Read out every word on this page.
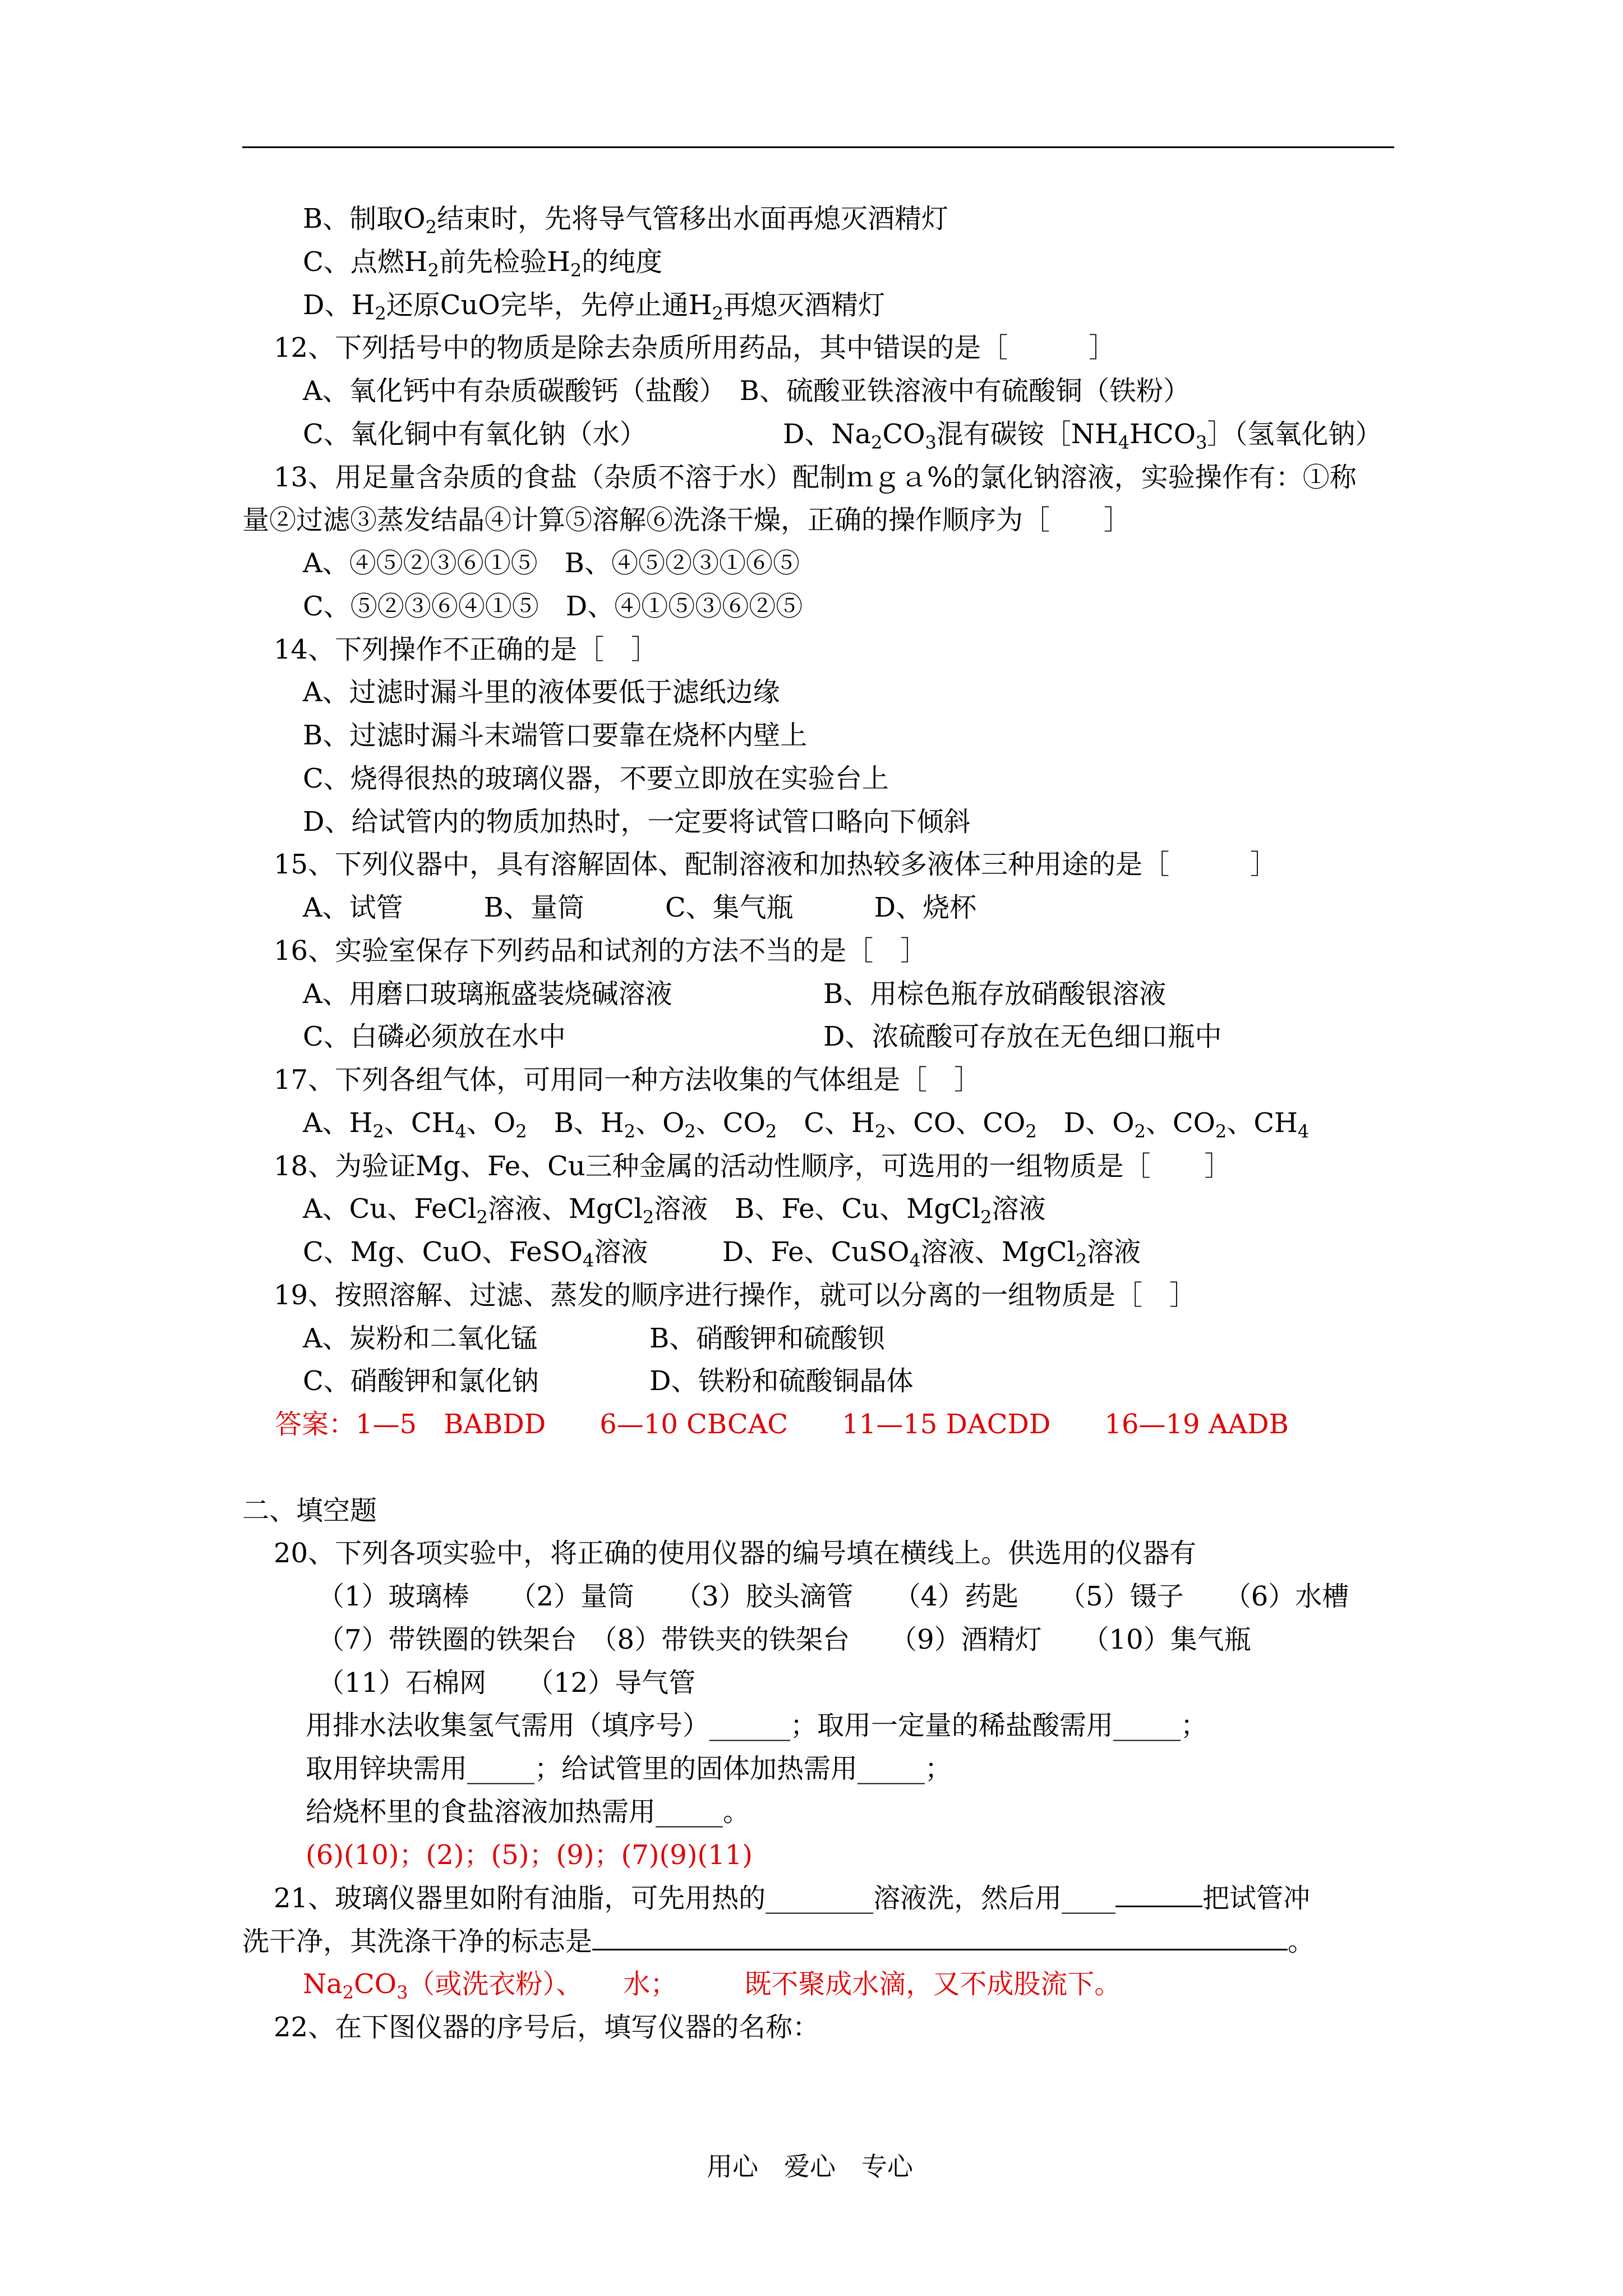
B、制取$O_2$结束时，先将导气管移出水面再熄灭酒精灯
C、点燃$H_2$前先检验$H_2$的纯度
D、$H_2$还原CuO完毕，先停止通$H_2$再熄灭酒精灯
12、下列括号中的物质是除去杂质所用药品，其中错误的是［　　　］
A、氧化钙中有杂质碳酸钙（盐酸）　B、硫酸亚铁溶液中有硫酸铜（铁粉）
C、氧化铜中有氧化钠（水）	D、$Na_2CO_3$混有碳铵$[NH_4HCO_3]$（氢氧化钠）
13、用足量含杂质的食盐（杂质不溶于水）配制ｍｇａ%的氯化钠溶液，实验操作有：①称
量②过滤③蒸发结晶④计算⑤溶解⑥洗涤干燥，正确的操作顺序为［　　］
A、④⑤②③⑥①⑤　B、④⑤②③①⑥⑤
C、⑤②③⑥④①⑤　D、④①⑤③⑥②⑤
14、下列操作不正确的是［　］
A、过滤时漏斗里的液体要低于滤纸边缘
B、过滤时漏斗末端管口要靠在烧杯内壁上
C、烧得很热的玻璃仪器，不要立即放在实验台上
D、给试管内的物质加热时，一定要将试管口略向下倾斜
15、下列仪器中，具有溶解固体、配制溶液和加热较多液体三种用途的是［　　　］
A、试管　　　B、量筒　　　C、集气瓶　　　D、烧杯
16、实验室保存下列药品和试剂的方法不当的是［　］
A、用磨口玻璃瓶盛装烧碱溶液	B、用棕色瓶存放硝酸银溶液
C、白磷必须放在水中	D、浓硫酸可存放在无色细口瓶中
17、下列各组气体，可用同一种方法收集的气体组是［　］
A、$H_2$、$CH_4$、$O_2$　B、$H_2$、$O_2$、$CO_2$　C、$H_2$、CO、$CO_2$　D、$O_2$、$CO_2$、$CH_4$
18、为验证Mg、Fe、Cu三种金属的活动性顺序，可选用的一组物质是［　　］
A、Cu、FeCl$_2$溶液、MgCl$_2$溶液　B、Fe、Cu、MgCl$_2$溶液
C、Mg、CuO、FeSO$_4$溶液	D、Fe、CuSO$_4$溶液、MgCl$_2$溶液
19、按照溶解、过滤、蒸发的顺序进行操作，就可以分离的一组物质是［　］
A、炭粉和二氧化锰	B、硝酸钾和硫酸钡
C、硝酸钾和氯化钠	D、铁粉和硫酸铜晶体
答案：1—5　BABDD　　6—10 CBCAC　　11—15 DACDD　　16—19 AADB
二、填空题
20、下列各项实验中，将正确的使用仪器的编号填在横线上。供选用的仪器有
（1）玻璃棒　　（2）量筒　　（3）胶头滴管　　（4）药匙　　（5）镊子　　（6）水槽
（7）带铁圈的铁架台　（8）带铁夹的铁架台　　（9）酒精灯　　（10）集气瓶
（11）石棉网　　（12）导气管
用排水法收集氢气需用（填序号）______；取用一定量的稀盐酸需用_____；
取用锌块需用_____；给试管里的固体加热需用_____；
给烧杯里的食盐溶液加热需用_____。
(6)(10)；(2)；(5)；(9)；(7)(9)(11)
21、玻璃仪器里如附有油脂，可先用热的________溶液洗，然后用____	把试管冲
洗干净，其洗涤干净的标志是	。
$Na_2CO_3$（或洗衣粉）、　　水；　　　既不聚成水滴，又不成股流下。
22、在下图仪器的序号后，填写仪器的名称：
用心　爱心　专心
